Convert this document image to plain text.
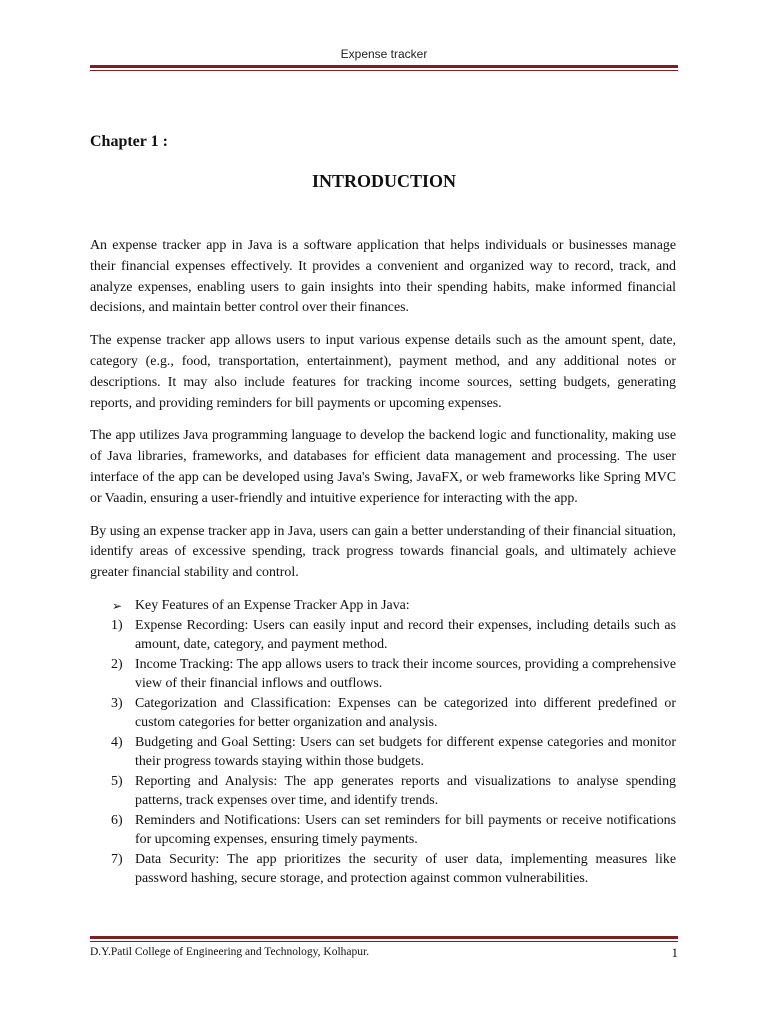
Expense tracker
Chapter 1 :
INTRODUCTION

An expense tracker app in Java is a software application that helps individuals or businesses manage their financial expenses effectively. It provides a convenient and organized way to record, track, and analyze expenses, enabling users to gain insights into their spending habits, make informed financial decisions, and maintain better control over their finances.

The expense tracker app allows users to input various expense details such as the amount spent, date, category (e.g., food, transportation, entertainment), payment method, and any additional notes or descriptions. It may also include features for tracking income sources, setting budgets, generating reports, and providing reminders for bill payments or upcoming expenses.

The app utilizes Java programming language to develop the backend logic and functionality, making use of Java libraries, frameworks, and databases for efficient data management and processing. The user interface of the app can be developed using Java's Swing, JavaFX, or web frameworks like Spring MVC or Vaadin, ensuring a user-friendly and intuitive experience for interacting with the app.

By using an expense tracker app in Java, users can gain a better understanding of their financial situation, identify areas of excessive spending, track progress towards financial goals, and ultimately achieve greater financial stability and control.

➢ Key Features of an Expense Tracker App in Java:
1) Expense Recording: Users can easily input and record their expenses, including details such as amount, date, category, and payment method.
2) Income Tracking: The app allows users to track their income sources, providing a comprehensive view of their financial inflows and outflows.
3) Categorization and Classification: Expenses can be categorized into different predefined or custom categories for better organization and analysis.
4) Budgeting and Goal Setting: Users can set budgets for different expense categories and monitor their progress towards staying within those budgets.
5) Reporting and Analysis: The app generates reports and visualizations to analyse spending patterns, track expenses over time, and identify trends.
6) Reminders and Notifications: Users can set reminders for bill payments or receive notifications for upcoming expenses, ensuring timely payments.
7) Data Security: The app prioritizes the security of user data, implementing measures like password hashing, secure storage, and protection against common vulnerabilities.
D.Y.Patil College of Engineering and Technology, Kolhapur.	1
